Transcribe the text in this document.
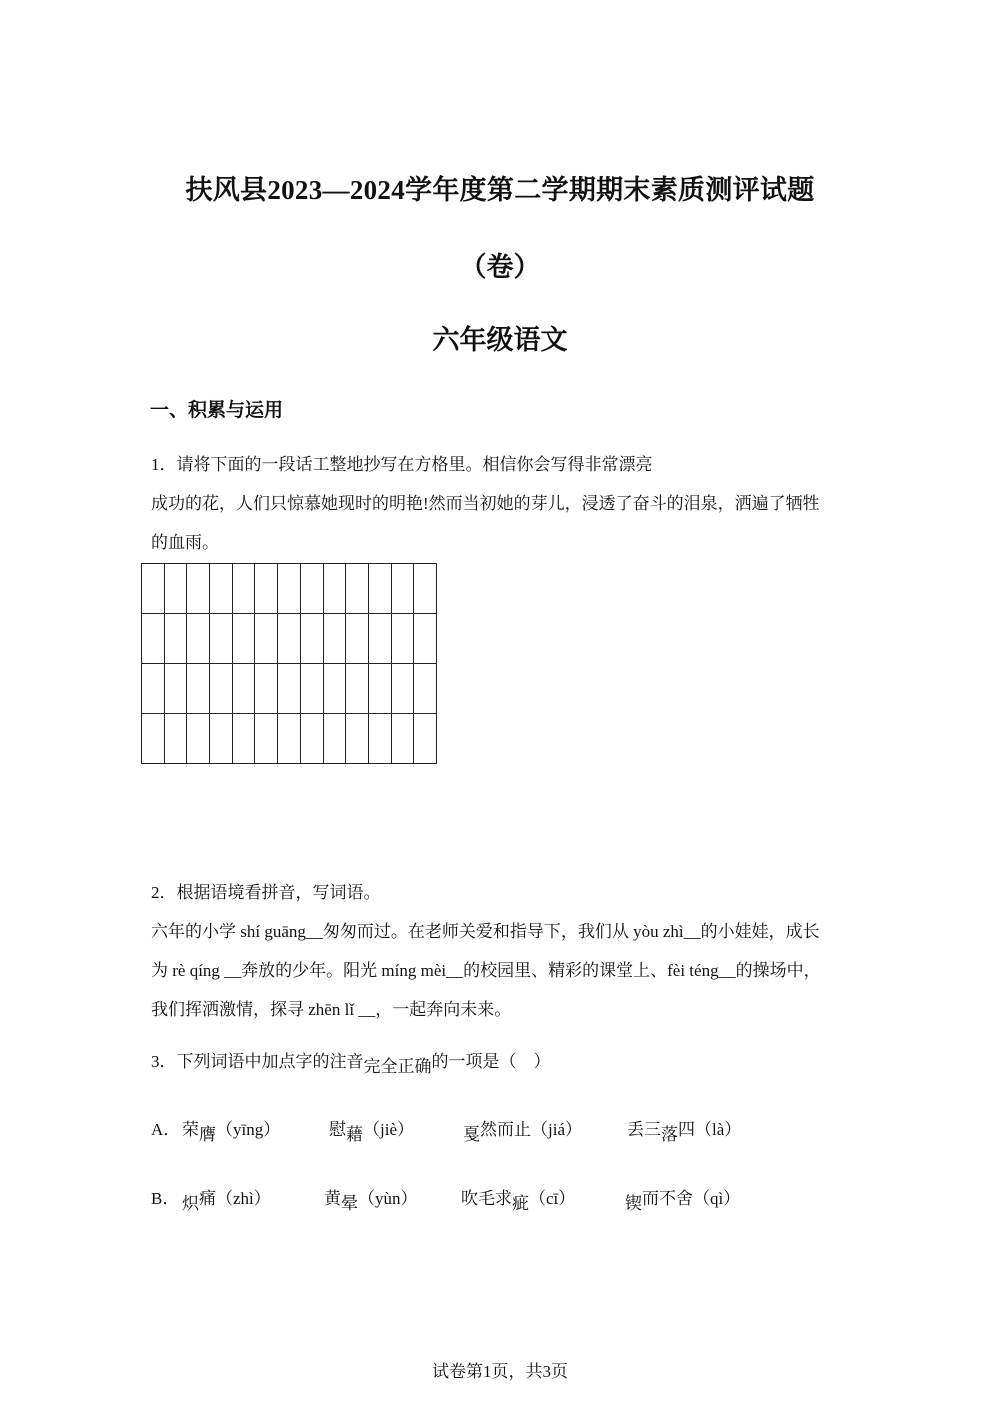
扶风县2023—2024学年度第二学期期末素质测评试题
（卷）
六年级语文
一、积累与运用
1．请将下面的一段话工整地抄写在方格里。相信你会写得非常漂亮
成功的花，人们只惊慕她现时的明艳!然而当初她的芽儿，浸透了奋斗的泪泉，洒遍了牺牲
的血雨。
2．根据语境看拼音，写词语。
六年的小学 shí guāng__匆匆而过。在老师关爱和指导下，我们从 yòu zhì__的小娃娃，成长
为 rè qíng __奔放的少年。阳光 míng mèi__的校园里、精彩的课堂上、fèi téng__的操场中，
我们挥洒激情，探寻 zhēn lǐ __，一起奔向未来。
3．下列词语中加点字的注音完全正确的一项是（　）
A． 荣膺（yīng）	慰藉（jiè）	戛然而止（jiá）	丢三落四（là）
B． 炽痛（zhì）	黄晕（yùn）	吹毛求疵（cī）	锲而不舍（qì）
试卷第1页，共3页
